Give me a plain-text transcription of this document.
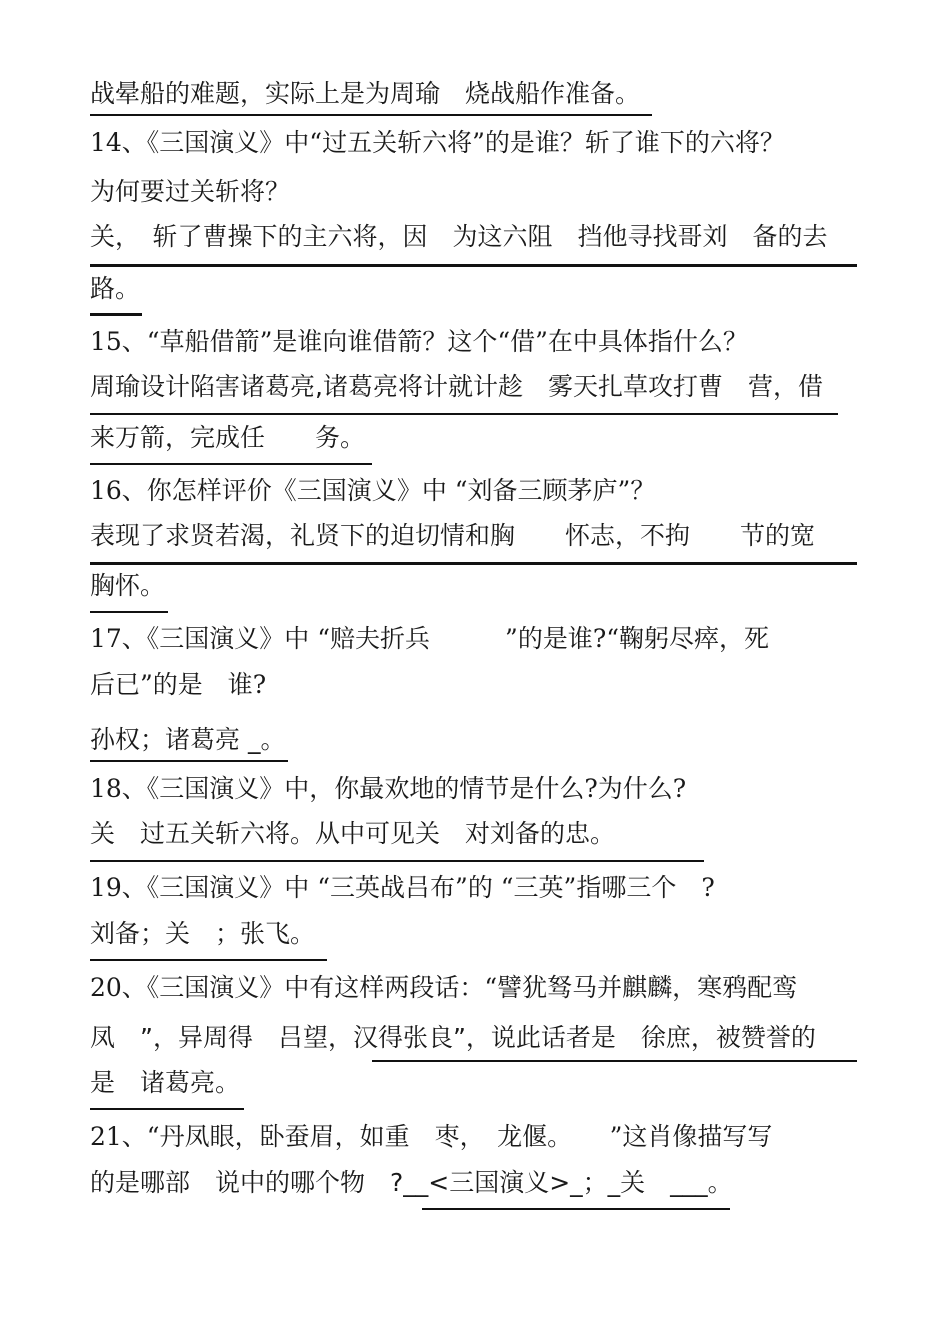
战晕船的难题，实际上是为周瑜　烧战船作准备。
14、《三国演义》中“过五关斩六将”的是谁？斩了谁下的六将？
为何要过关斩将？
关，　斩了曹操下的主六将，因　为这六阻　挡他寻找哥刘　备的去
路。
15、“草船借箭”是谁向谁借箭？这个“借”在中具体指什么？
周瑜设计陷害诸葛亮,诸葛亮将计就计趁　雾天扎草攻打曹　营，借
来万箭，完成任　　务。
16、你怎样评价《三国演义》中 “刘备三顾茅庐”？
表现了求贤若渴，礼贤下的迫切情和胸　　怀志，不拘　　节的宽
胸怀。
17、《三国演义》中 “赔夫折兵　　　”的是谁?“鞠躬尽瘁，死
后已”的是　谁?
孙权；诸葛亮 _。
18、《三国演义》中，你最欢地的情节是什么?为什么?
关　过五关斩六将。从中可见关　对刘备的忠。
19、《三国演义》中 “三英战吕布”的 “三英”指哪三个　?
刘备；关　；张飞。
20、《三国演义》中有这样两段话：“譬犹驽马并麒麟，寒鸦配鸾
凤　”，异周得　吕望，汉得张良”，说此话者是　徐庶，被赞誉的
是　诸葛亮。
21、“丹凤眼，卧蚕眉，如重　枣，　龙偃。　　”这肖像描写写
的是哪部　说中的哪个物　?__<三国演义>_；_关　___。
